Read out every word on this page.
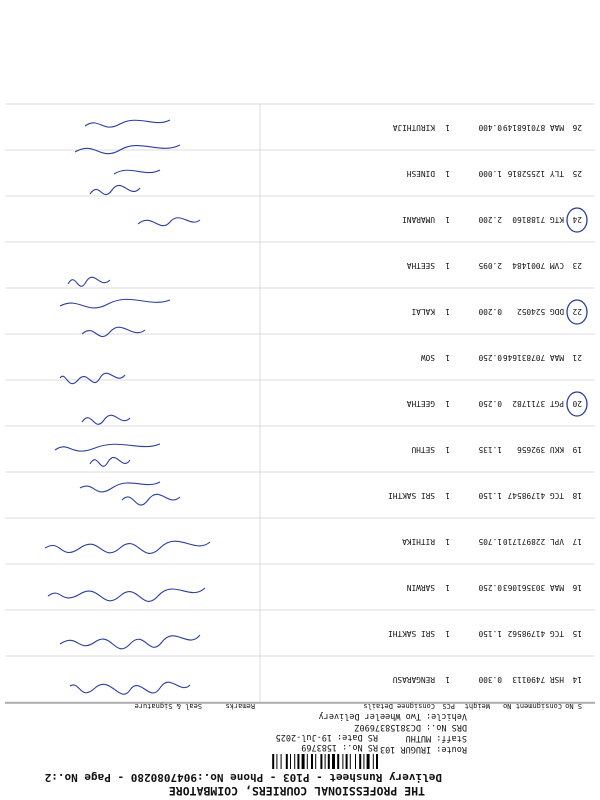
THE PROFESSIONAL COURIERS, COIMBATORE
Delivery Runsheet - P103 - Phone No.:9047080280 - Page No.:2
RS No.: 1583769
RS Date: 19-Jul-2025
Route: IRUGUR 103
Staff: MUTHU
DRS No.: DC3815837690Z
Vehicle: Two Wheeler Delivery
S No
Consignment No
Weight
PCS
Consignee Details
Remarks
Seal & Signature
14
HSR 7490113
0.300
1
RENGARASU
15
TCG 41798562
1.150
1
SRI SAKTHI
16
MAA 303561063
0.250
1
SARWIN
17
VPL 228971710
1.705
1
RITHIKA
18
TCG 41798547
1.150
1
SRI SAKTHI
19
KKU 392656
1.135
1
SETHU
20
PGT 3711782
0.250
1
GEETHA
21
MAA 707831646
0.250
1
SOW
22
DDG 524052
0.200
1
KALAI
23
CVM 7001484
2.095
1
SEETHA
24
KTG 7188160
2.200
1
UMARANI
25
TLY 12552816
1.000
1
DINESH
26
MAA 870168149
0.400
1
KIRUTHIJA
